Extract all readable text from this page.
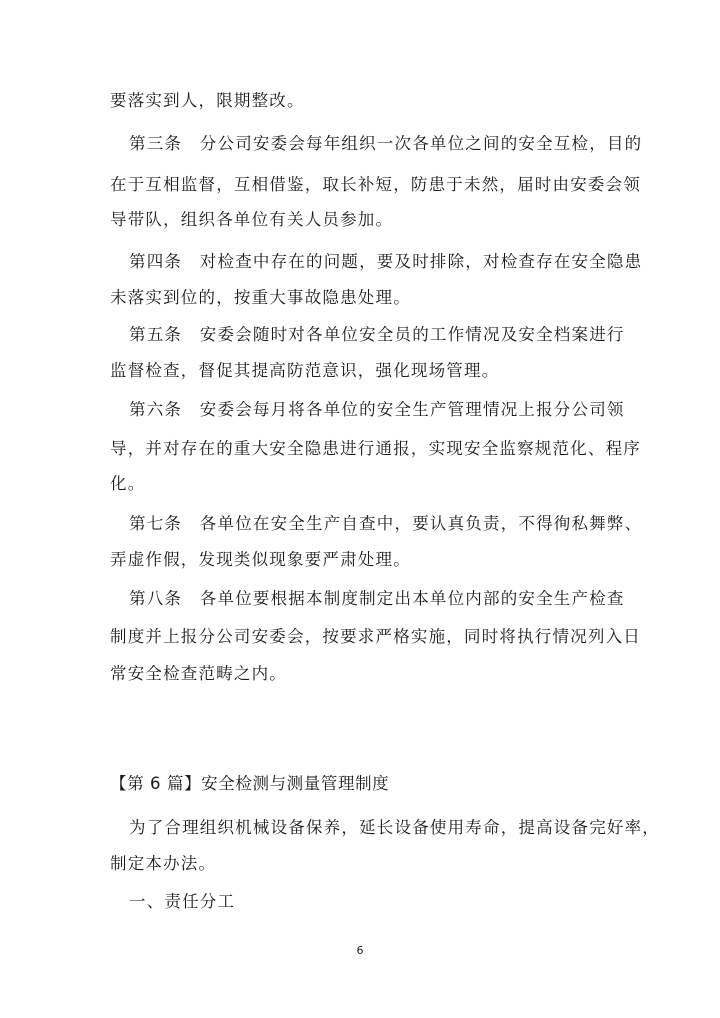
要落实到人，限期整改。
第三条　分公司安委会每年组织一次各单位之间的安全互检，目的
在于互相监督，互相借鉴，取长补短，防患于未然，届时由安委会领
导带队，组织各单位有关人员参加。
第四条　对检查中存在的问题，要及时排除，对检查存在安全隐患
未落实到位的，按重大事故隐患处理。
第五条　安委会随时对各单位安全员的工作情况及安全档案进行
监督检查，督促其提高防范意识，强化现场管理。
第六条　安委会每月将各单位的安全生产管理情况上报分公司领
导，并对存在的重大安全隐患进行通报，实现安全监察规范化、程序
化。
第七条　各单位在安全生产自查中，要认真负责，不得徇私舞弊、
弄虚作假，发现类似现象要严肃处理。
第八条　各单位要根据本制度制定出本单位内部的安全生产检查
制度并上报分公司安委会，按要求严格实施，同时将执行情况列入日
常安全检查范畴之内。
【第 6 篇】安全检测与测量管理制度
为了合理组织机械设备保养，延长设备使用寿命，提高设备完好率，
制定本办法。
一、责任分工
6
